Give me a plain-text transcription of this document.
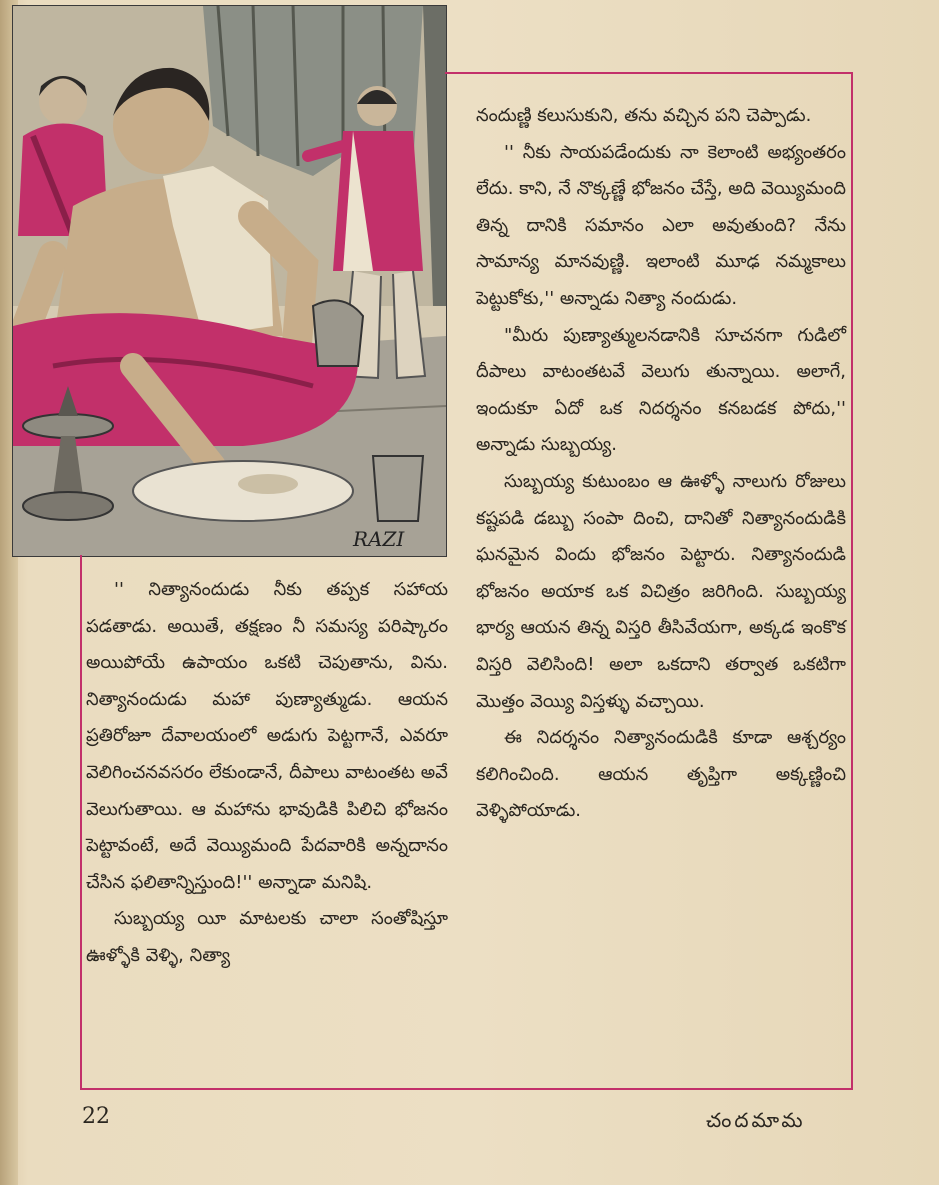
RAZI

నందుణ్ణి కలుసుకుని, తను వచ్చిన పని చెప్పాడు.

'' నీకు సాయపడేందుకు నా కెలాంటి అభ్యంతరం లేదు. కాని, నే నొక్కణ్ణే భోజనం చేస్తే, అది వెయ్యిమంది తిన్న దానికి సమానం ఎలా అవుతుంది? నేను సామాన్య మానవుణ్ణి. ఇలాంటి మూఢ నమ్మకాలు పెట్టుకోకు,'' అన్నాడు నిత్యా నందుడు.

"మీరు పుణ్యాత్ములనడానికి సూచనగా గుడిలో దీపాలు వాటంతటవే వెలుగు తున్నాయి. అలాగే, ఇందుకూ ఏదో ఒక నిదర్శనం కనబడక పోదు,'' అన్నాడు సుబ్బయ్య.

సుబ్బయ్య కుటుంబం ఆ ఊళ్ళో నాలుగు రోజులు కష్టపడి డబ్బు సంపా దించి, దానితో నిత్యానందుడికి ఘనమైన విందు భోజనం పెట్టారు. నిత్యానందుడి భోజనం అయాక ఒక విచిత్రం జరిగింది. సుబ్బయ్య భార్య ఆయన తిన్న విస్తరి తీసివేయగా, అక్కడ ఇంకొక విస్తరి వెలిసింది! అలా ఒకదాని తర్వాత ఒకటిగా మొత్తం వెయ్యి విస్తళ్ళు వచ్చాయి.

ఈ నిదర్శనం నిత్యానందుడికి కూడా ఆశ్చర్యం కలిగించింది. ఆయన తృప్తిగా అక్కణ్ణించి వెళ్ళిపోయాడు.

'' నిత్యానందుడు నీకు తప్పక సహాయ పడతాడు. అయితే, తక్షణం నీ సమస్య పరిష్కారం అయిపోయే ఉపాయం ఒకటి చెపుతాను, విను. నిత్యానందుడు మహా పుణ్యాత్ముడు. ఆయన ప్రతిరోజూ దేవాలయంలో అడుగు పెట్టగానే, ఎవరూ వెలిగించనవసరం లేకుండానే, దీపాలు వాటంతట అవే వెలుగుతాయి. ఆ మహాను భావుడికి పిలిచి భోజనం పెట్టావంటే, అదే వెయ్యిమంది పేదవారికి అన్నదానం చేసిన ఫలితాన్నిస్తుంది!'' అన్నాడా మనిషి.

సుబ్బయ్య యీ మాటలకు చాలా సంతోషిస్తూ ఊళ్ళోకి వెళ్ళి, నిత్యా

22	చందమామ
